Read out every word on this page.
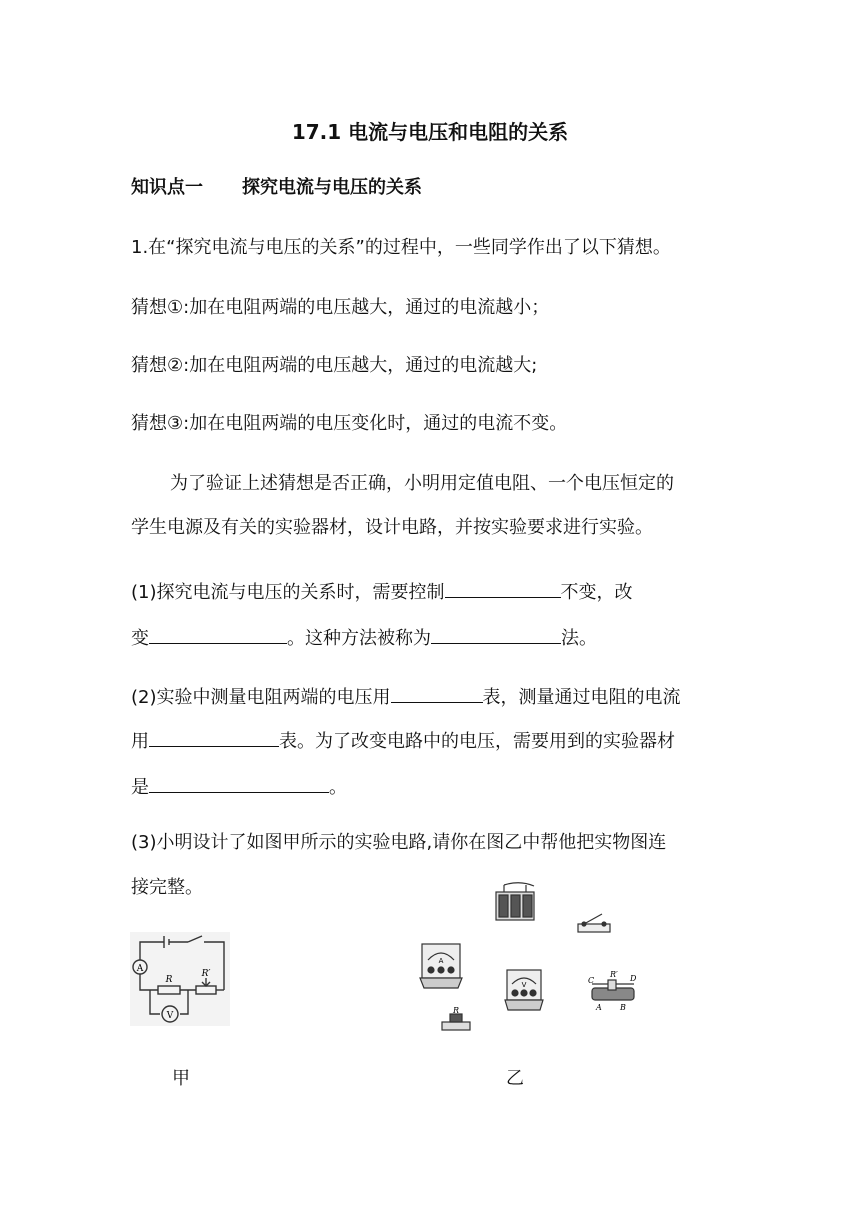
17.1 电流与电压和电阻的关系
知识点一 探究电流与电压的关系
1.在“探究电流与电压的关系”的过程中，一些同学作出了以下猜想。
猜想①:加在电阻两端的电压越大，通过的电流越小；
猜想②:加在电阻两端的电压越大，通过的电流越大;
猜想③:加在电阻两端的电压变化时，通过的电流不变。
为了验证上述猜想是否正确，小明用定值电阻、一个电压恒定的
学生电源及有关的实验器材，设计电路，并按实验要求进行实验。
(1)探究电流与电压的关系时，需要控制	不变，改
变	。这种方法被称为	法。
(2)实验中测量电阻两端的电压用	表，测量通过电阻的电流
用	表。为了改变电路中的电压，需要用到的实验器材
是	。
(3)小明设计了如图甲所示的实验电路,请你在图乙中帮他把实物图连
接完整。
A
V
R
R′
A
V
R
C
R′ D
A B
甲	乙
